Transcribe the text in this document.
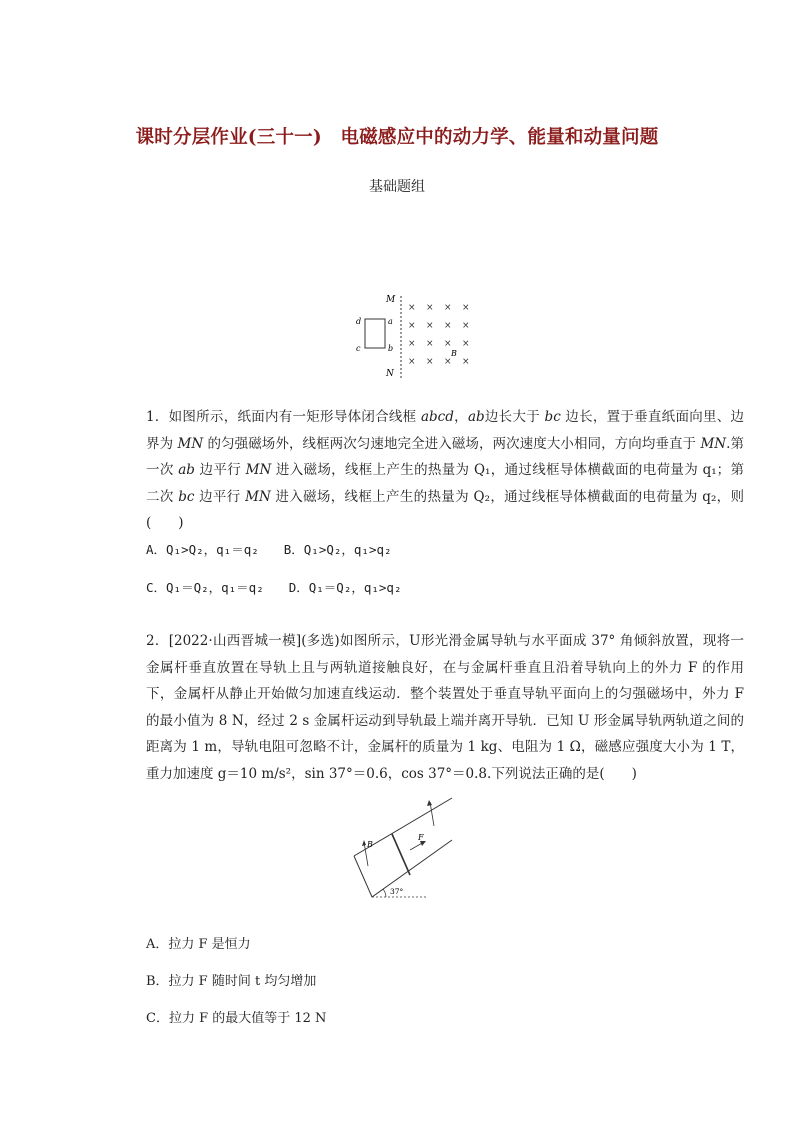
课时分层作业(三十一)　电磁感应中的动力学、能量和动量问题
基础题组
M
N
d
c
a
b
× × × ×
× × × ×
× × × ×
× × × ×
B

1．如图所示，纸面内有一矩形导体闭合线框 abcd，ab边长大于 bc 边长，置于垂直纸面向里、边界为 MN 的匀强磁场外，线框两次匀速地完全进入磁场，两次速度大小相同，方向均垂直于 MN.第一次 ab 边平行 MN 进入磁场，线框上产生的热量为 Q₁，通过线框导体横截面的电荷量为 q₁；第二次 bc 边平行 MN 进入磁场，线框上产生的热量为 Q₂，通过线框导体横截面的电荷量为 q₂，则(　　)

A．Q₁>Q₂，q₁＝q₂　　B．Q₁>Q₂，q₁>q₂
C．Q₁＝Q₂，q₁＝q₂　　D．Q₁＝Q₂，q₁>q₂

2．[2022·山西晋城一模](多选)如图所示，U形光滑金属导轨与水平面成 37° 角倾斜放置，现将一金属杆垂直放置在导轨上且与两轨道接触良好，在与金属杆垂直且沿着导轨向上的外力 F 的作用下，金属杆从静止开始做匀加速直线运动．整个装置处于垂直导轨平面向上的匀强磁场中，外力 F 的最小值为 8 N，经过 2 s 金属杆运动到导轨最上端并离开导轨．已知 U 形金属导轨两轨道之间的距离为 1 m，导轨电阻可忽略不计，金属杆的质量为 1 kg、电阻为 1 Ω，磁感应强度大小为 1 T，重力加速度 g＝10 m/s²，sin 37°＝0.6，cos 37°＝0.8.下列说法正确的是(　　)

B
F
37°
A．拉力 F 是恒力
B．拉力 F 随时间 t 均匀增加
C．拉力 F 的最大值等于 12 N
